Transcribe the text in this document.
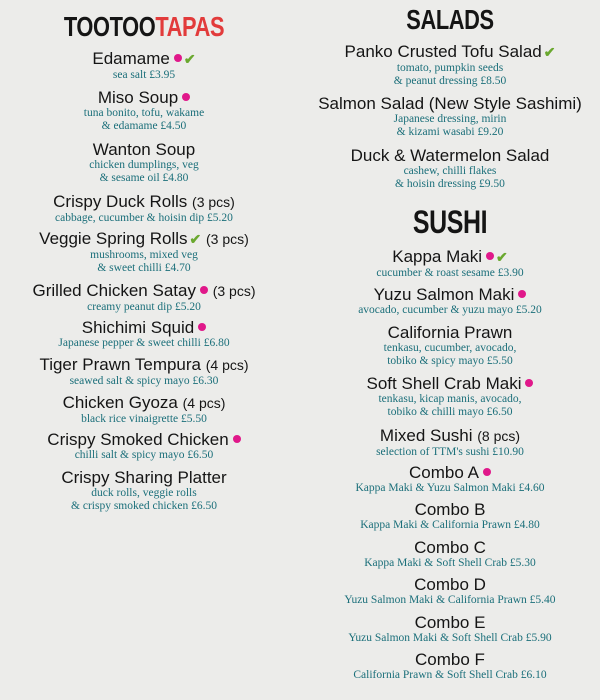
TOOTOOTAPAS
Edamame ✔
sea salt £3.95
Miso Soup
tuna bonito, tofu, wakame
& edamame £4.50
Wanton Soup
chicken dumplings, veg
& sesame oil £4.80
Crispy Duck Rolls (3 pcs)
cabbage, cucumber & hoisin dip £5.20
Veggie Spring Rolls ✔ (3 pcs)
mushrooms, mixed veg
& sweet chilli £4.70
Grilled Chicken Satay (3 pcs)
creamy peanut dip £5.20
Shichimi Squid
Japanese pepper & sweet chilli £6.80
Tiger Prawn Tempura (4 pcs)
seawed salt & spicy mayo £6.30
Chicken Gyoza (4 pcs)
black rice vinaigrette £5.50
Crispy Smoked Chicken
chilli salt & spicy mayo £6.50
Crispy Sharing Platter
duck rolls, veggie rolls
& crispy smoked chicken £6.50
SALADS
Panko Crusted Tofu Salad ✔
tomato, pumpkin seeds
& peanut dressing £8.50
Salmon Salad (New Style Sashimi)
Japanese dressing, mirin
& kizami wasabi £9.20
Duck & Watermelon Salad
cashew, chilli flakes
& hoisin dressing £9.50
SUSHI
Kappa Maki ✔
cucumber & roast sesame £3.90
Yuzu Salmon Maki
avocado, cucumber & yuzu mayo £5.20
California Prawn
tenkasu, cucumber, avocado,
tobiko & spicy mayo £5.50
Soft Shell Crab Maki
tenkasu, kicap manis, avocado,
tobiko & chilli mayo £6.50
Mixed Sushi (8 pcs)
selection of TTM's sushi £10.90
Combo A
Kappa Maki & Yuzu Salmon Maki £4.60
Combo B
Kappa Maki & California Prawn £4.80
Combo C
Kappa Maki & Soft Shell Crab £5.30
Combo D
Yuzu Salmon Maki & California Prawn £5.40
Combo E
Yuzu Salmon Maki & Soft Shell Crab £5.90
Combo F
California Prawn & Soft Shell Crab £6.10
